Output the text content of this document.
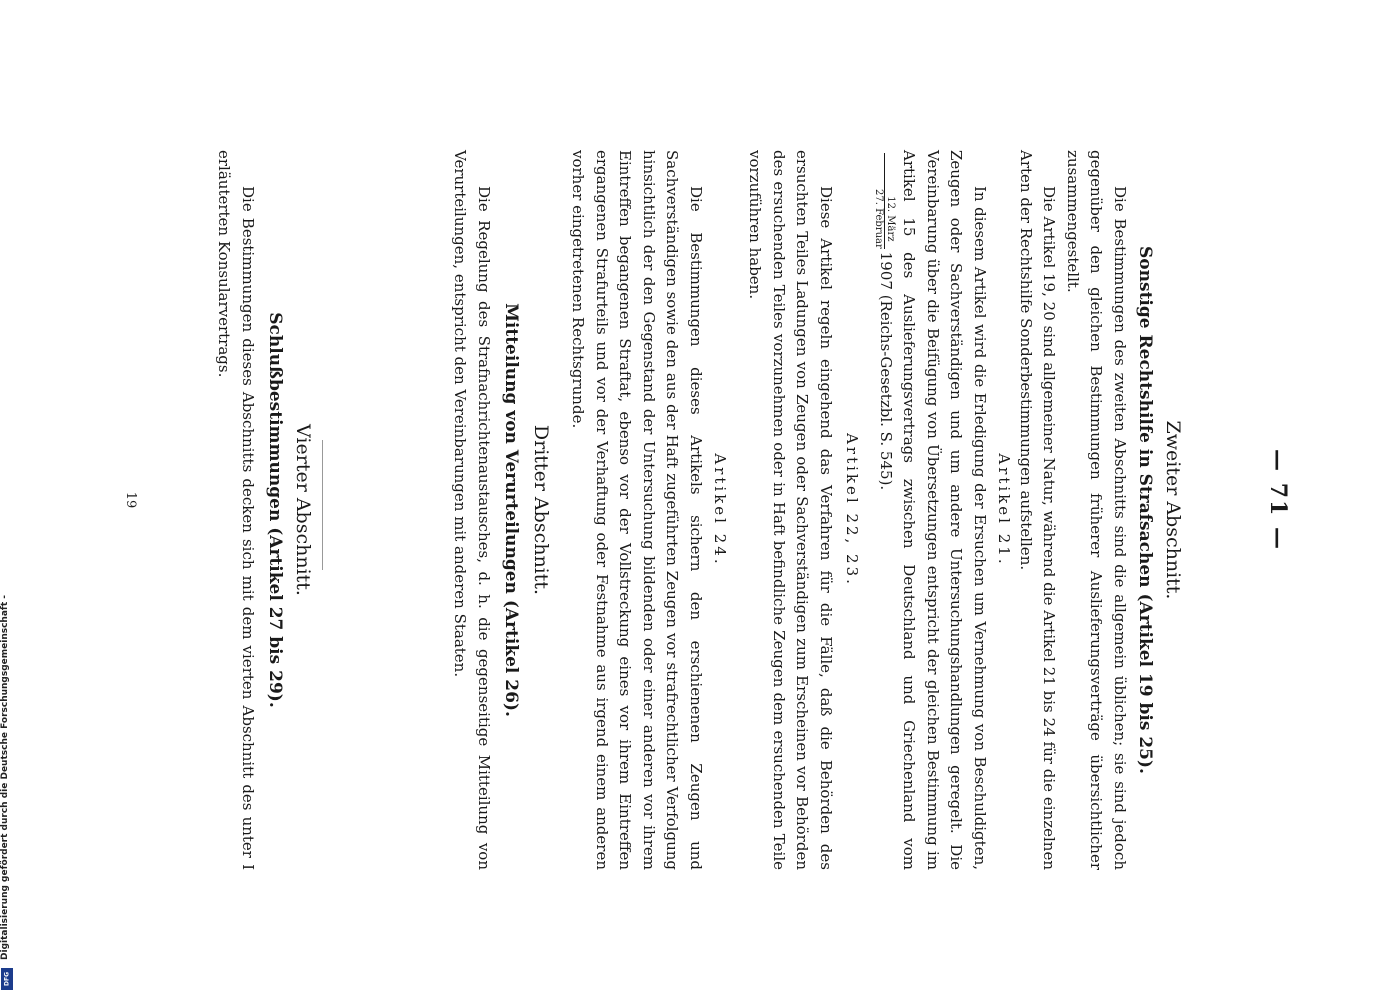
— 71 —
Zweiter Abschnitt.
Sonstige Rechtshilfe in Strafsachen (Artikel 19 bis 25).

Die Bestimmungen des zweiten Abschnitts sind die allgemein üblichen; sie sind jedoch gegenüber den gleichen Bestimmungen früherer Auslieferungsverträge übersichtlicher zusammengestellt.

Die Artikel 19, 20 sind allgemeiner Natur, während die Artikel 21 bis 24 für die einzelnen Arten der Rechtshilfe Sonderbestimmungen aufstellen.

Artikel 21.

In diesem Artikel wird die Erledigung der Ersuchen um Vernehmung von Beschuldigten, Zeugen oder Sachverständigen und um andere Untersuchungshandlungen geregelt. Die Vereinbarung über die Beifügung von Übersetzungen entspricht der gleichen Bestimmung im Artikel 15 des Auslieferungsvertrags zwischen Deutschland und Griechenland vom
12. März
27. Februar
1907 (Reichs-Gesetzbl. S. 545).

Artikel 22, 23.

Diese Artikel regeln eingehend das Verfahren für die Fälle, daß die Behörden des ersuchten Teiles Ladungen von Zeugen oder Sachverständigen zum Erscheinen vor Behörden des ersuchenden Teiles vorzunehmen oder in Haft befindliche Zeugen dem ersuchenden Teile vorzuführen haben.

Artikel 24.

Die Bestimmungen dieses Artikels sichern den erschienenen Zeugen und Sachverständigen sowie den aus der Haft zugeführten Zeugen vor strafrechtlicher Verfolgung hinsichtlich der den Gegenstand der Untersuchung bildenden oder einer anderen vor ihrem Eintreffen begangenen Straftat, ebenso vor der Vollstreckung eines vor ihrem Eintreffen ergangenen Strafurteils und vor der Verhaftung oder Festnahme aus irgend einem anderen vorher eingetretenen Rechtsgrunde.

Dritter Abschnitt.
Mitteilung von Verurteilungen (Artikel 26).

Die Regelung des Strafnachrichtenaustausches, d. h. die gegenseitige Mitteilung von Verurteilungen, entspricht den Vereinbarungen mit anderen Staaten.

Vierter Abschnitt.
Schlußbestimmungen (Artikel 27 bis 29).

Die Bestimmungen dieses Abschnitts decken sich mit dem vierten Abschnitt des unter I erläuterten Konsularvertrags.

19
Digitalisierung gefördert durch die Deutsche Forschungsgemeinschaft -
DFG
